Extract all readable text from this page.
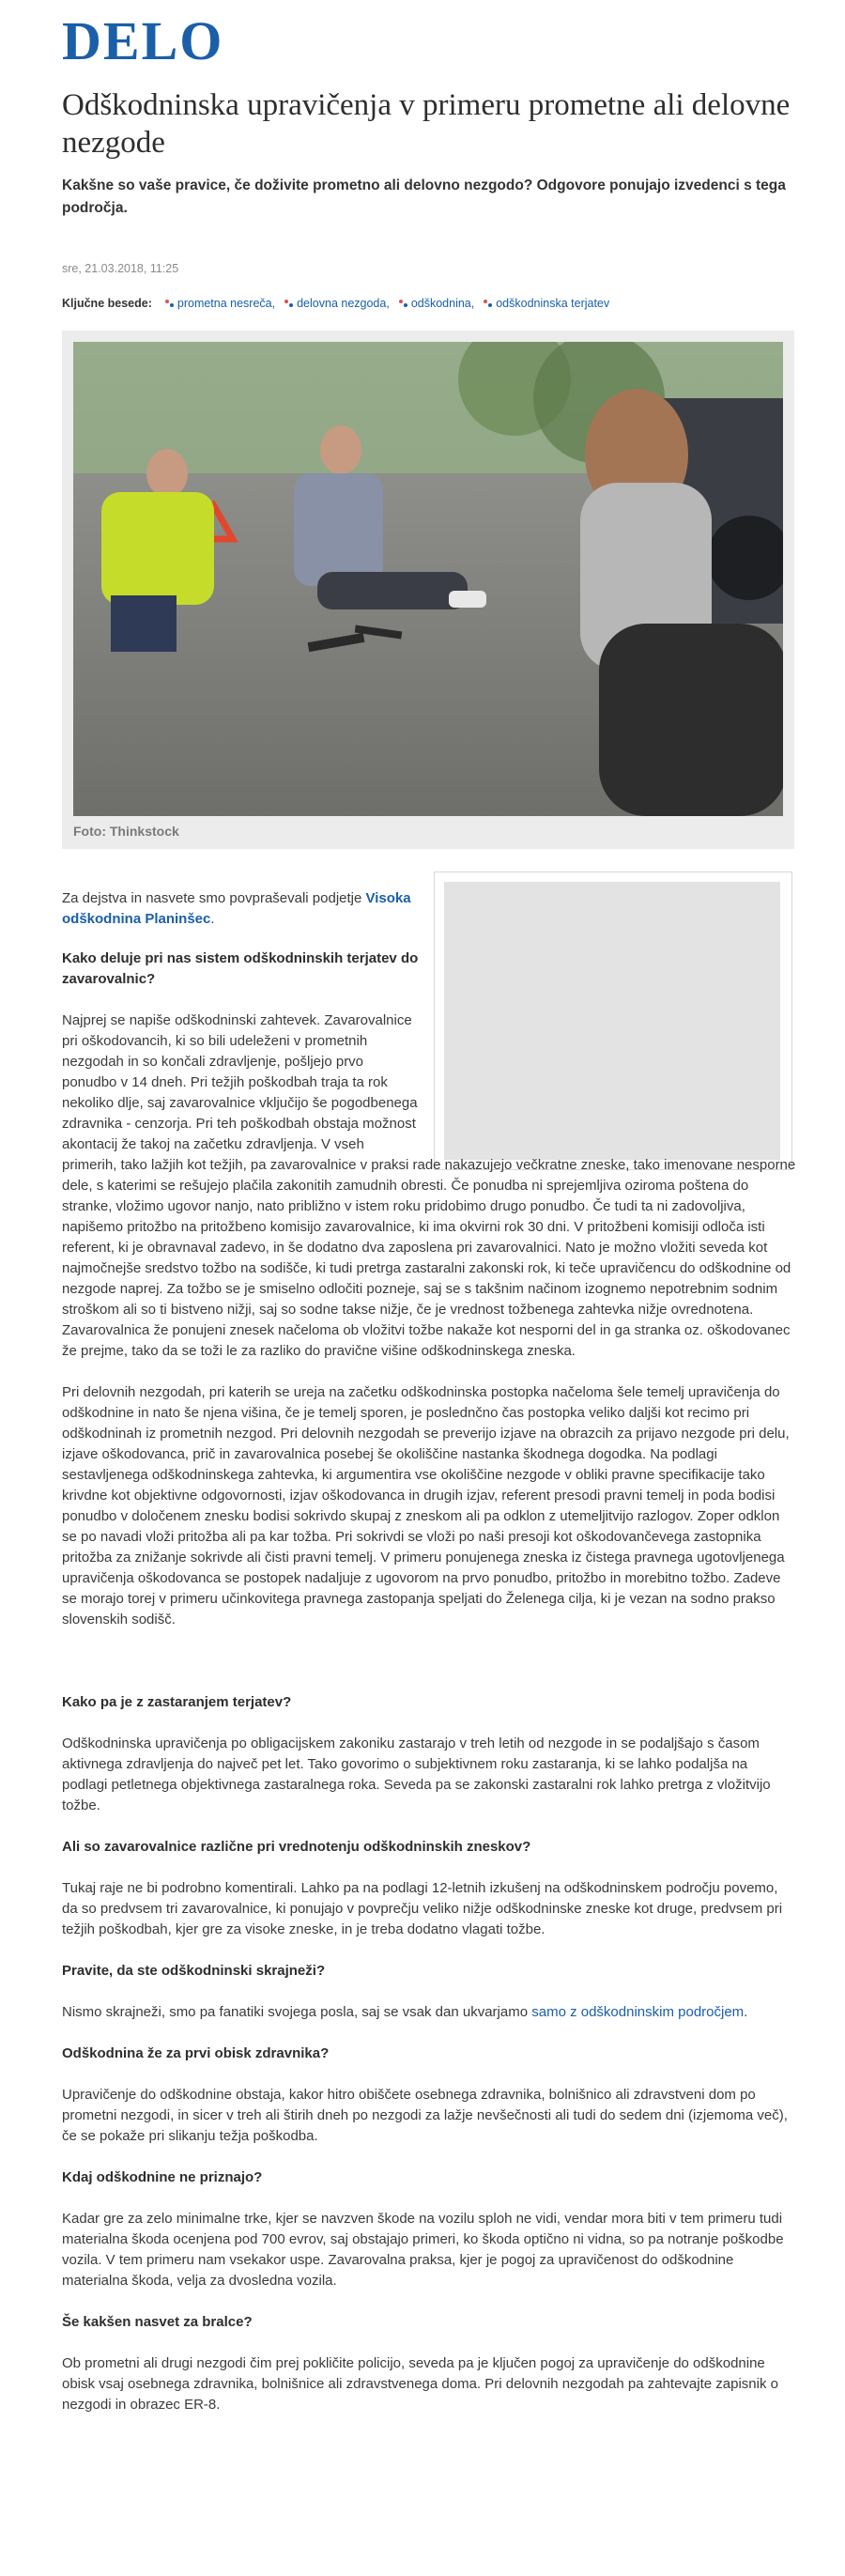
DELO
Odškodninska upravičenja v primeru prometne ali delovne nezgode

Kakšne so vaše pravice, če doživite prometno ali delovno nezgodo? Odgovore ponujajo izvedenci s tega področja.

sre, 21.03.2018, 11:25
Ključne besede: prometna nesreča, delovna nezgoda, odškodnina, odškodninska terjatev
Foto: Thinkstock
Za dejstva in nasvete smo povpraševali podjetje Visoka odškodnina Planinšec.
Kako deluje pri nas sistem odškodninskih terjatev do zavarovalnic?

Najprej se napiše odškodninski zahtevek. Zavarovalnice pri oškodovancih, ki so bili udeleženi v prometnih nezgodah in so končali zdravljenje, pošljejo prvo ponudbo v 14 dneh. Pri težjih poškodbah traja ta rok nekoliko dlje, saj zavarovalnice vključijo še pogodbenega zdravnika - cenzorja. Pri teh poškodbah obstaja možnost akontacij že takoj na začetku zdravljenja. V vseh primerih, tako lažjih kot težjih, pa zavarovalnice v praksi rade nakazujejo večkratne zneske, tako imenovane nesporne dele, s katerimi se rešujejo plačila zakonitih zamudnih obresti. Če ponudba ni sprejemljiva oziroma poštena do stranke, vložimo ugovor nanjo, nato približno v istem roku pridobimo drugo ponudbo. Če tudi ta ni zadovoljiva, napišemo pritožbo na pritožbeno komisijo zavarovalnice, ki ima okvirni rok 30 dni. V pritožbeni komisiji odloča isti referent, ki je obravnaval zadevo, in še dodatno dva zaposlena pri zavarovalnici. Nato je možno vložiti seveda kot najmočnejše sredstvo tožbo na sodišče, ki tudi pretrga zastaralni zakonski rok, ki teče upravičencu do odškodnine od nezgode naprej. Za tožbo se je smiselno odločiti pozneje, saj se s takšnim načinom izognemo nepotrebnim sodnim stroškom ali so ti bistveno nižji, saj so sodne takse nižje, če je vrednost tožbenega zahtevka nižje ovrednotena. Zavarovalnica že ponujeni znesek načeloma ob vložitvi tožbe nakaže kot nesporni del in ga stranka oz. oškodovanec že prejme, tako da se toži le za razliko do pravične višine odškodninskega zneska.

Pri delovnih nezgodah, pri katerih se ureja na začetku odškodninska postopka načeloma šele temelj upravičenja do odškodnine in nato še njena višina, če je temelj sporen, je poslednčno čas postopka veliko daljši kot recimo pri odškodninah iz prometnih nezgod. Pri delovnih nezgodah se preverijo izjave na obrazcih za prijavo nezgode pri delu, izjave oškodovanca, prič in zavarovalnica posebej še okoliščine nastanka škodnega dogodka. Na podlagi sestavljenega odškodninskega zahtevka, ki argumentira vse okoliščine nezgode v obliki pravne specifikacije tako krivdne kot objektivne odgovornosti, izjav oškodovanca in drugih izjav, referent presodi pravni temelj in poda bodisi ponudbo v določenem znesku bodisi sokrivdo skupaj z zneskom ali pa odklon z utemeljitvijo razlogov. Zoper odklon se po navadi vloži pritožba ali pa kar tožba. Pri sokrivdi se vloži po naši presoji kot oškodovančevega zastopnika pritožba za znižanje sokrivde ali čisti pravni temelj. V primeru ponujenega zneska iz čistega pravnega ugotovljenega upravičenja oškodovanca se postopek nadaljuje z ugovorom na prvo ponudbo, pritožbo in morebitno tožbo. Zadeve se morajo torej v primeru učinkovitega pravnega zastopanja speljati do Želenega cilja, ki je vezan na sodno prakso slovenskih sodišč.

Kako pa je z zastaranjem terjatev?

Odškodninska upravičenja po obligacijskem zakoniku zastarajo v treh letih od nezgode in se podaljšajo s časom aktivnega zdravljenja do največ pet let. Tako govorimo o subjektivnem roku zastaranja, ki se lahko podaljša na podlagi petletnega objektivnega zastaralnega roka. Seveda pa se zakonski zastaralni rok lahko pretrga z vložitvijo tožbe.

Ali so zavarovalnice različne pri vrednotenju odškodninskih zneskov?

Tukaj raje ne bi podrobno komentirali. Lahko pa na podlagi 12-letnih izkušenj na odškodninskem področju povemo, da so predvsem tri zavarovalnice, ki ponujajo v povprečju veliko nižje odškodninske zneske kot druge, predvsem pri težjih poškodbah, kjer gre za visoke zneske, in je treba dodatno vlagati tožbe.

Pravite, da ste odškodninski skrajneži?

Nismo skrajneži, smo pa fanatiki svojega posla, saj se vsak dan ukvarjamo samo z odškodninskim področjem.

Odškodnina že za prvi obisk zdravnika?

Upravičenje do odškodnine obstaja, kakor hitro obiščete osebnega zdravnika, bolnišnico ali zdravstveni dom po prometni nezgodi, in sicer v treh ali štirih dneh po nezgodi za lažje nevšečnosti ali tudi do sedem dni (izjemoma več), če se pokaže pri slikanju težja poškodba.

Kdaj odškodnine ne priznajo?

Kadar gre za zelo minimalne trke, kjer se navzven škode na vozilu sploh ne vidi, vendar mora biti v tem primeru tudi materialna škoda ocenjena pod 700 evrov, saj obstajajo primeri, ko škoda optično ni vidna, so pa notranje poškodbe vozila. V tem primeru nam vsekakor uspe. Zavarovalna praksa, kjer je pogoj za upravičenost do odškodnine materialna škoda, velja za dvosledna vozila.

Še kakšen nasvet za bralce?

Ob prometni ali drugi nezgodi čim prej pokličite policijo, seveda pa je ključen pogoj za upravičenje do odškodnine obisk vsaj osebnega zdravnika, bolnišnice ali zdravstvenega doma. Pri delovnih nezgodah pa zahtevajte zapisnik o nezgodi in obrazec ER-8.
